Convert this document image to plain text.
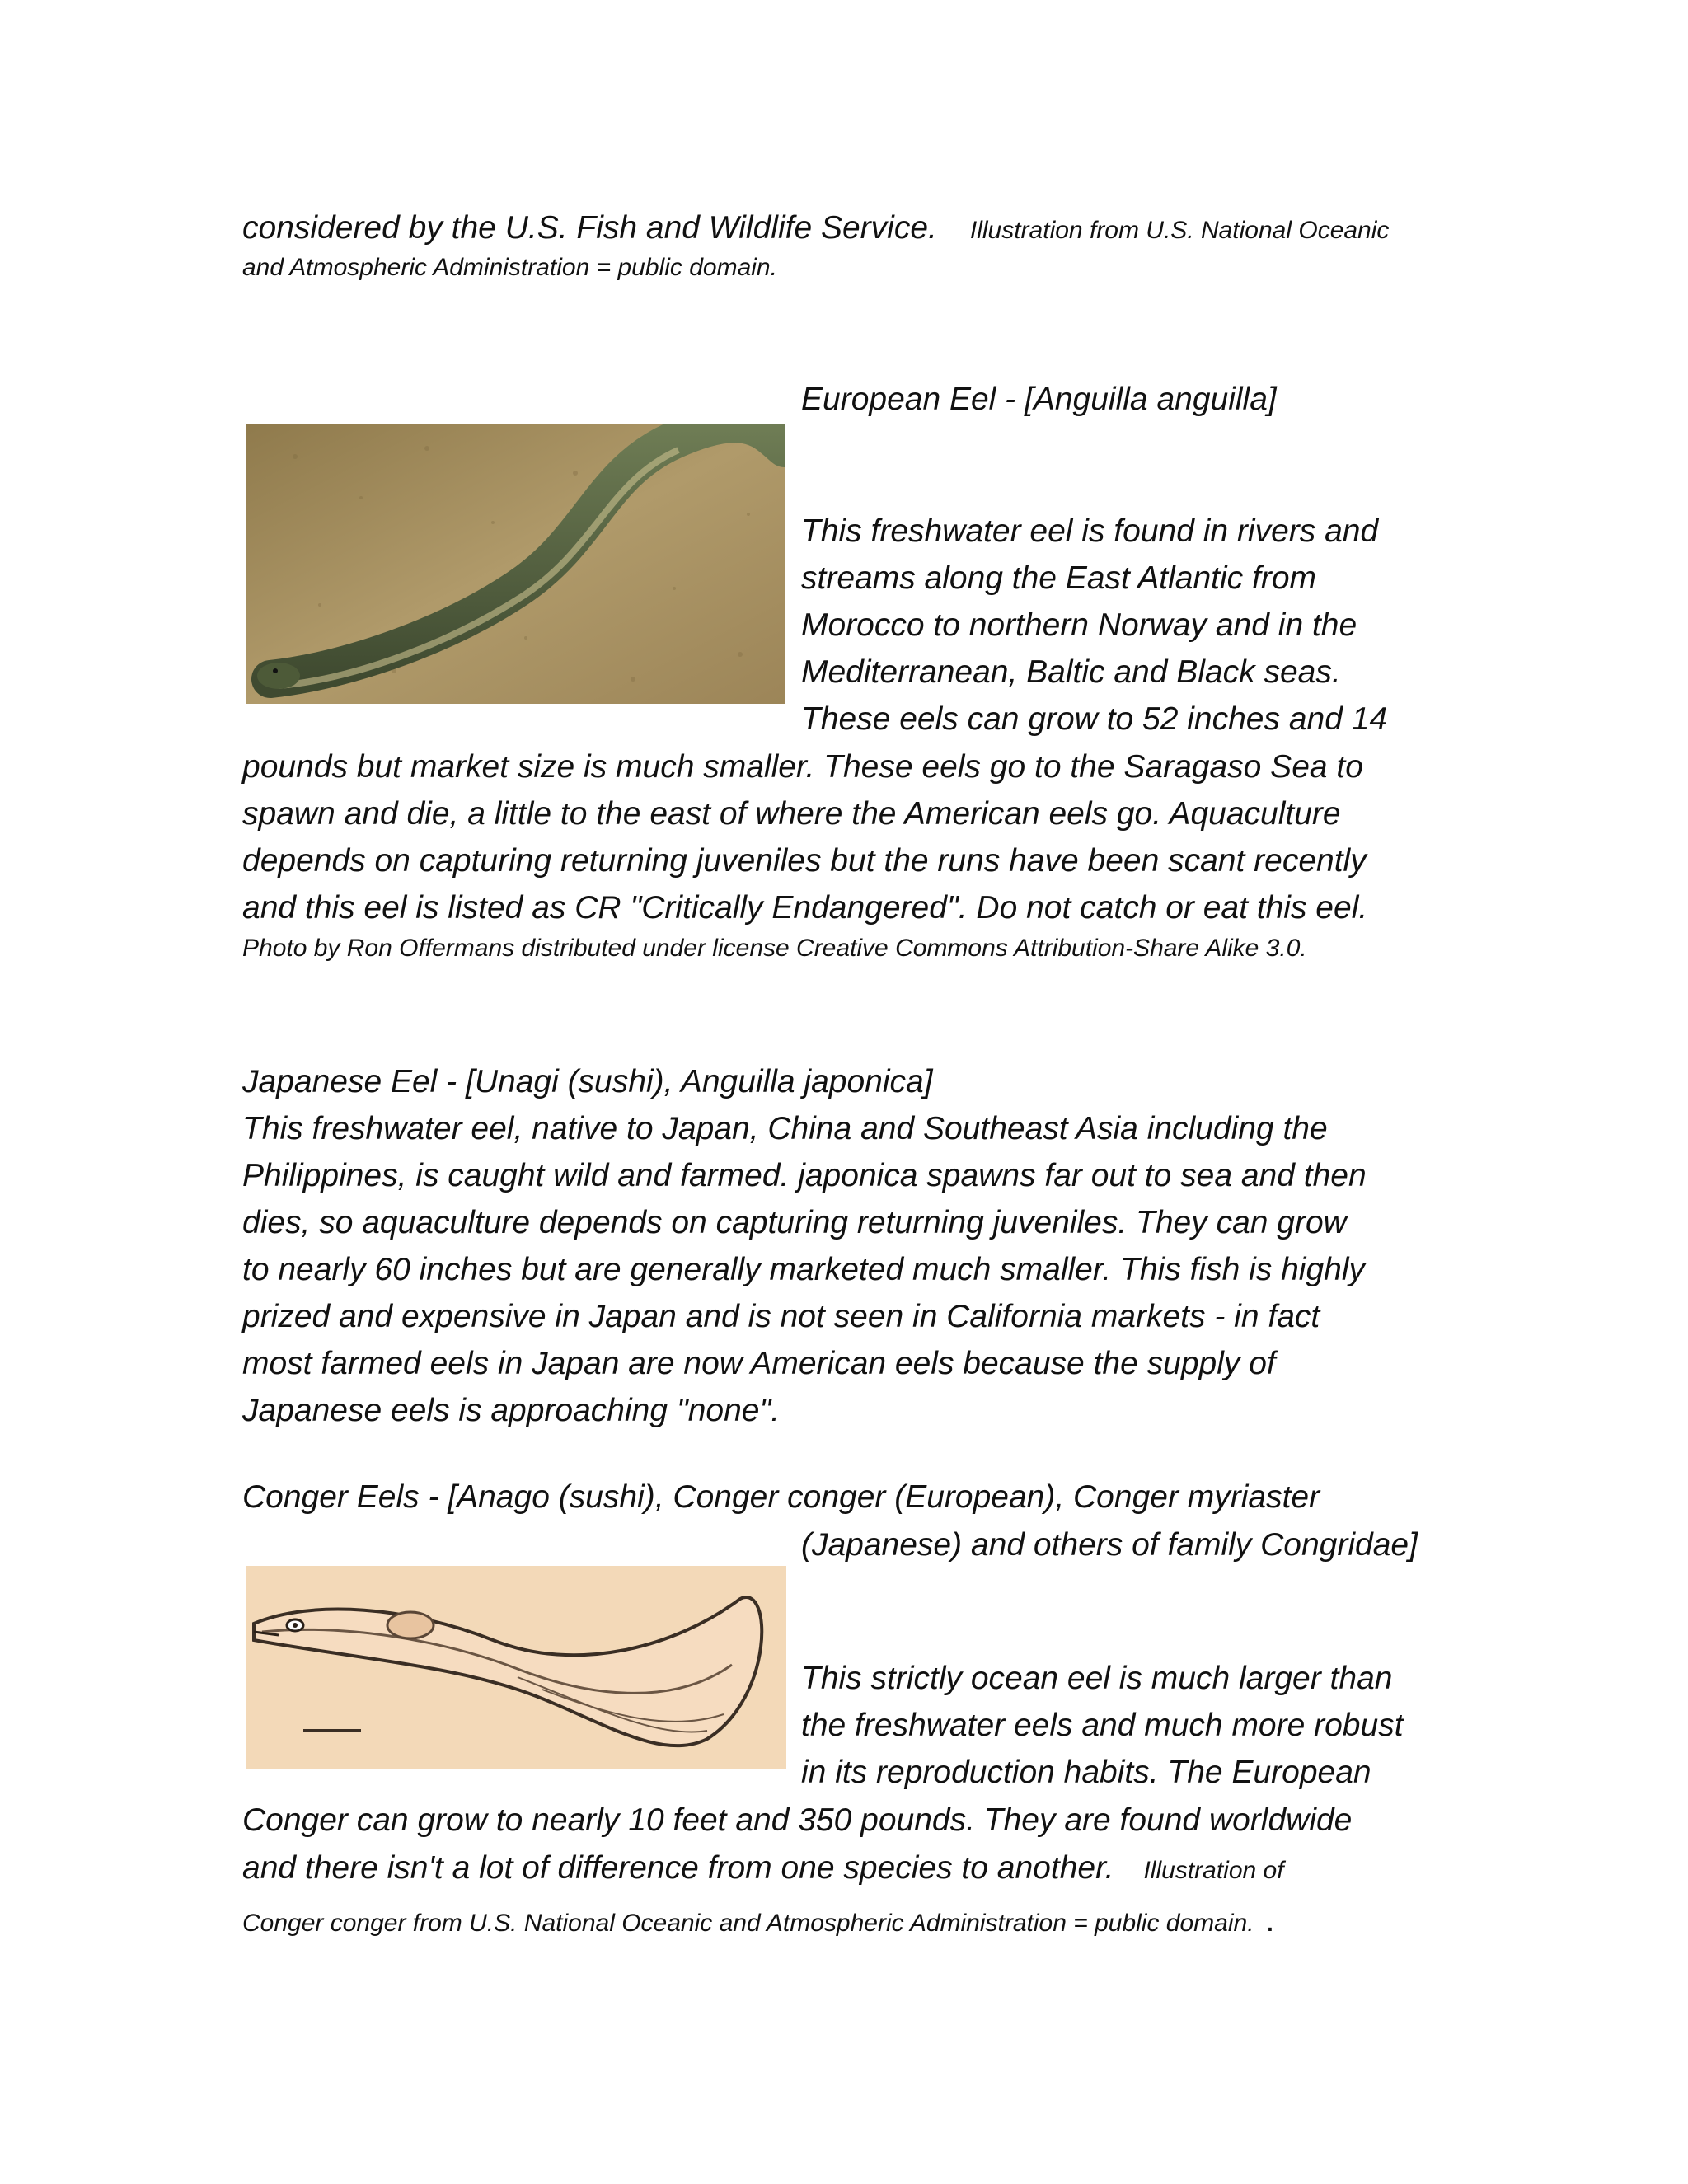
considered by the U.S. Fish and Wildlife Service. Illustration from U.S. National Oceanic
and Atmospheric Administration = public domain.
European Eel - [Anguilla anguilla]
This freshwater eel is found in rivers and
streams along the East Atlantic from
Morocco to northern Norway and in the
Mediterranean, Baltic and Black seas.
These eels can grow to 52 inches and 14
pounds but market size is much smaller. These eels go to the Saragaso Sea to
spawn and die, a little to the east of where the American eels go. Aquaculture
depends on capturing returning juveniles but the runs have been scant recently
and this eel is listed as CR "Critically Endangered". Do not catch or eat this eel.
Photo by Ron Offermans distributed under license Creative Commons Attribution-Share Alike 3.0.
Japanese Eel - [Unagi (sushi), Anguilla japonica]
This freshwater eel, native to Japan, China and Southeast Asia including the
Philippines, is caught wild and farmed. japonica spawns far out to sea and then
dies, so aquaculture depends on capturing returning juveniles. They can grow
to nearly 60 inches but are generally marketed much smaller. This fish is highly
prized and expensive in Japan and is not seen in California markets - in fact
most farmed eels in Japan are now American eels because the supply of
Japanese eels is approaching "none".
Conger Eels - [Anago (sushi), Conger conger (European), Conger myriaster
(Japanese) and others of family Congridae]
This strictly ocean eel is much larger than
the freshwater eels and much more robust
in its reproduction habits. The European
Conger can grow to nearly 10 feet and 350 pounds. They are found worldwide
and there isn't a lot of difference from one species to another. Illustration of
Conger conger from U.S. National Oceanic and Atmospheric Administration = public domain. .
